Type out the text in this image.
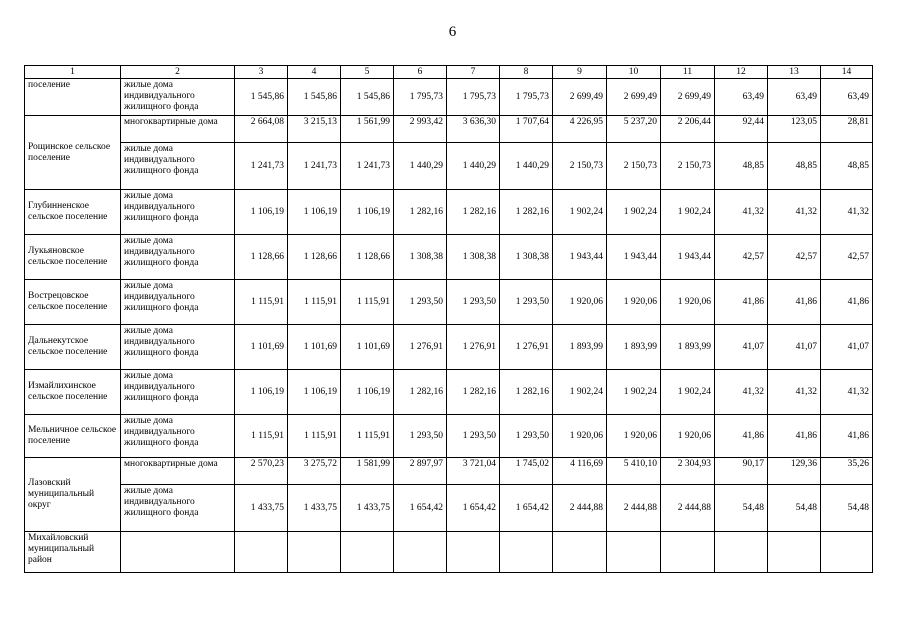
6
1	2	3	4	5	6	7	8	9	10	11	12	13	14
поселение	жилые дома индивидуального жилищного фонда	1 545,86	1 545,86	1 545,86	1 795,73	1 795,73	1 795,73	2 699,49	2 699,49	2 699,49	63,49	63,49	63,49
Рощинское сельское поселение	многоквартирные дома	2 664,08	3 215,13	1 561,99	2 993,42	3 636,30	1 707,64	4 226,95	5 237,20	2 206,44	92,44	123,05	28,81
	жилые дома индивидуального жилищного фонда	1 241,73	1 241,73	1 241,73	1 440,29	1 440,29	1 440,29	2 150,73	2 150,73	2 150,73	48,85	48,85	48,85
Глубинненское сельское поселение	жилые дома индивидуального жилищного фонда	1 106,19	1 106,19	1 106,19	1 282,16	1 282,16	1 282,16	1 902,24	1 902,24	1 902,24	41,32	41,32	41,32
Лукьяновское сельское поселение	жилые дома индивидуального жилищного фонда	1 128,66	1 128,66	1 128,66	1 308,38	1 308,38	1 308,38	1 943,44	1 943,44	1 943,44	42,57	42,57	42,57
Вострецовское сельское поселение	жилые дома индивидуального жилищного фонда	1 115,91	1 115,91	1 115,91	1 293,50	1 293,50	1 293,50	1 920,06	1 920,06	1 920,06	41,86	41,86	41,86
Дальнекутское сельское поселение	жилые дома индивидуального жилищного фонда	1 101,69	1 101,69	1 101,69	1 276,91	1 276,91	1 276,91	1 893,99	1 893,99	1 893,99	41,07	41,07	41,07
Измайлихинское сельское поселение	жилые дома индивидуального жилищного фонда	1 106,19	1 106,19	1 106,19	1 282,16	1 282,16	1 282,16	1 902,24	1 902,24	1 902,24	41,32	41,32	41,32
Мельничное сельское поселение	жилые дома индивидуального жилищного фонда	1 115,91	1 115,91	1 115,91	1 293,50	1 293,50	1 293,50	1 920,06	1 920,06	1 920,06	41,86	41,86	41,86
Лазовский муниципальный округ	многоквартирные дома	2 570,23	3 275,72	1 581,99	2 897,97	3 721,04	1 745,02	4 116,69	5 410,10	2 304,93	90,17	129,36	35,26
	жилые дома индивидуального жилищного фонда	1 433,75	1 433,75	1 433,75	1 654,42	1 654,42	1 654,42	2 444,88	2 444,88	2 444,88	54,48	54,48	54,48
Михайловский муниципальный район													
